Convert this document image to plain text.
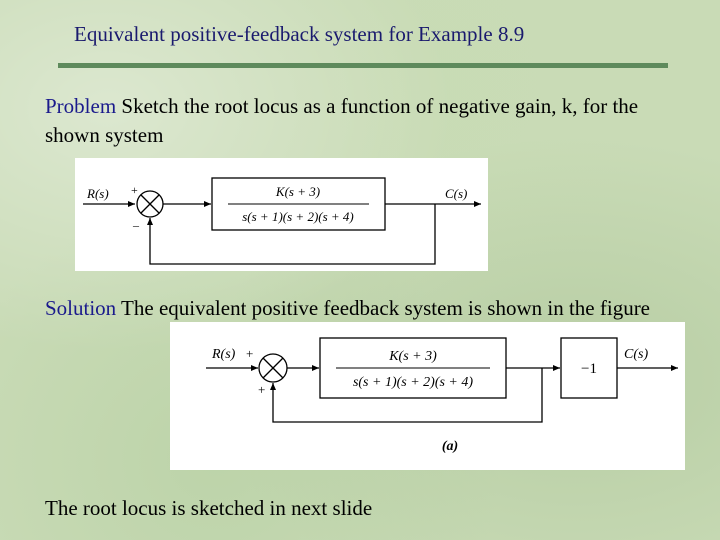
Equivalent positive-feedback system for Example 8.9
Problem Sketch the root locus as a function of negative gain, k, for the shown system
R(s) +
–
K(s + 3)
s(s + 1)(s + 2)(s + 4)
C(s)
Solution The equivalent positive feedback system is shown in the figure
R(s) +
+
K(s + 3)
s(s + 1)(s + 2)(s + 4)
−1
C(s)
(a)
The root locus is sketched in next slide
